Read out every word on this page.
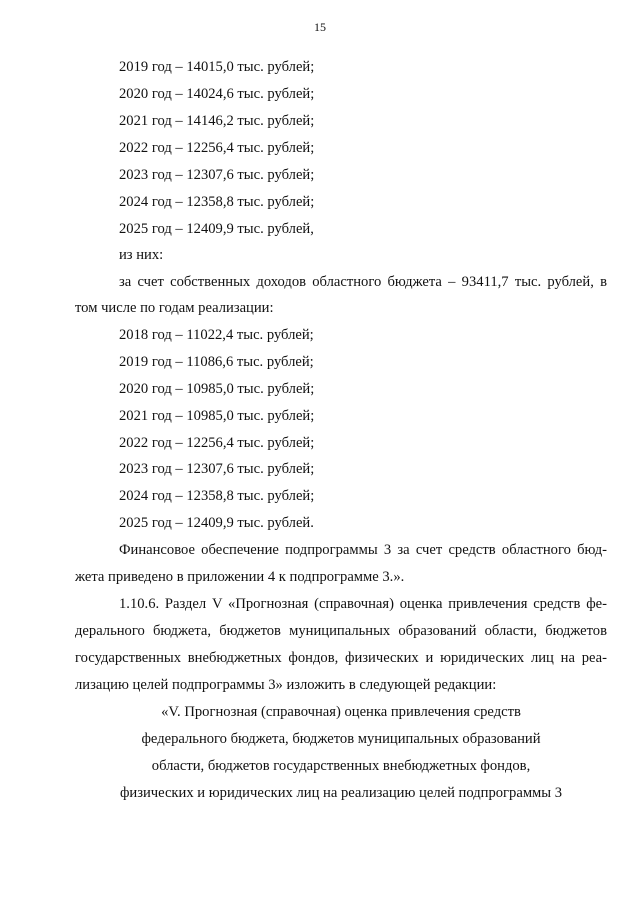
15
2019 год – 14015,0 тыс. рублей;
2020 год – 14024,6 тыс. рублей;
2021 год – 14146,2 тыс. рублей;
2022 год – 12256,4 тыс. рублей;
2023 год – 12307,6 тыс. рублей;
2024 год – 12358,8 тыс. рублей;
2025 год – 12409,9 тыс. рублей,
из них:
за счет собственных доходов областного бюджета – 93411,7 тыс. рублей, в
том числе по годам реализации:
2018 год – 11022,4 тыс. рублей;
2019 год – 11086,6 тыс. рублей;
2020 год – 10985,0 тыс. рублей;
2021 год – 10985,0 тыс. рублей;
2022 год – 12256,4 тыс. рублей;
2023 год – 12307,6 тыс. рублей;
2024 год – 12358,8 тыс. рублей;
2025 год – 12409,9 тыс. рублей.
Финансовое обеспечение подпрограммы 3 за счет средств областного бюд-
жета приведено в приложении 4 к подпрограмме 3.».
1.10.6. Раздел V «Прогнозная (справочная) оценка привлечения средств фе-
дерального бюджета, бюджетов муниципальных образований области, бюджетов
государственных внебюджетных фондов, физических и юридических лиц на реа-
лизацию целей подпрограммы 3» изложить в следующей редакции:
«V. Прогнозная (справочная) оценка привлечения средств
федерального бюджета, бюджетов муниципальных образований
области, бюджетов государственных внебюджетных фондов,
физических и юридических лиц на реализацию целей подпрограммы 3
